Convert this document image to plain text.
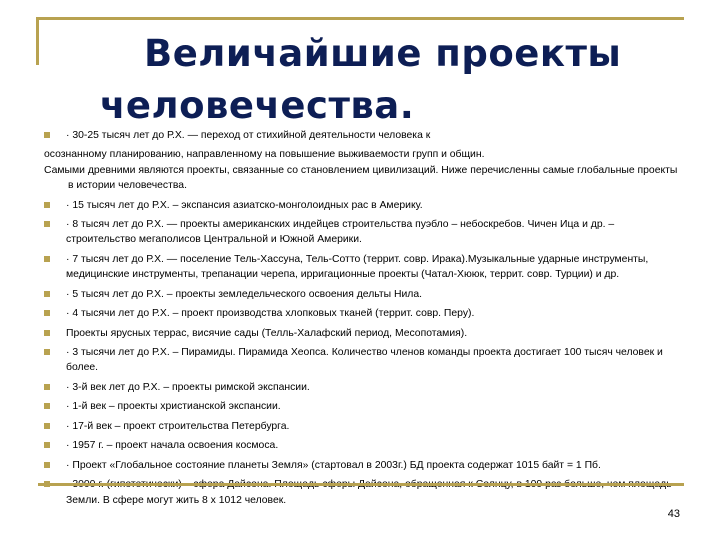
Величайшие проекты
человечества.
· 30-25 тысяч лет до Р.Х. — переход от стихийной деятельности человека к
осознанному планированию, направленному на повышение выживаемости групп и общин.
Самыми древними являются проекты, связанные со становлением цивилизаций. Ниже перечисленны самые глобальные проекты в истории человечества.
· 15 тысяч лет до Р.Х. – экспансия азиатско-монголоидных рас в Америку.
· 8 тысяч лет до Р.Х. — проекты американских индейцев строительства пуэбло – небоскребов. Чичен Ица и др. – строительство мегаполисов Центральной и Южной Америки.
· 7 тысяч лет до Р.Х. — поселение Тель-Хассуна, Тель-Сотто (террит. совр. Ирака).Музыкальные ударные инструменты, медицинские инструменты, трепанации черепа, ирригационные проекты (Чатал-Хююк, террит. совр. Турции) и др.
· 5 тысяч лет до Р.Х. – проекты земледельческого освоения дельты Нила.
· 4 тысячи лет до Р.Х. – проект производства хлопковых тканей (террит. совр. Перу).
Проекты ярусных террас, висячие сады (Телль-Халафский период, Месопотамия).
· 3 тысячи лет до Р.Х. – Пирамиды. Пирамида Хеопса. Количество членов команды проекта достигает 100 тысяч человек и более.
· 3-й век лет до Р.Х. – проекты римской экспансии.
· 1-й век – проекты христианской экспансии.
· 17-й век – проект строительства Петербурга.
· 1957 г. – проект начала освоения космоса.
· Проект «Глобальное состояние планеты Земля» (стартовал в 2003г.) БД проекта содержат 1015 байт = 1 Пб.
Земли. В сфере могут жить 8 х 1012 человек.
43
